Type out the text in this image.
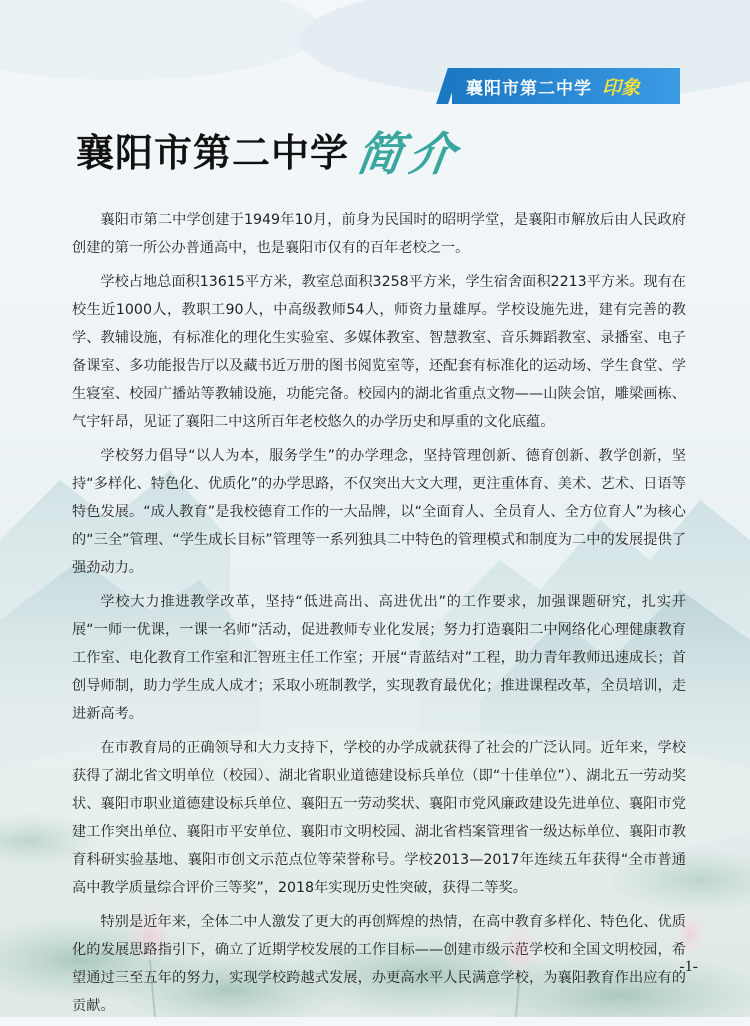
襄阳市第二中学 印象
襄阳市第二中学 简介

襄阳市第二中学创建于1949年10月，前身为民国时的昭明学堂，是襄阳市解放后由人民政府创建的第一所公办普通高中，也是襄阳市仅有的百年老校之一。

学校占地总面积13615平方米，教室总面积3258平方米，学生宿舍面积2213平方米。现有在校生近1000人，教职工90人，中高级教师54人，师资力量雄厚。学校设施先进，建有完善的教学、教辅设施，有标准化的理化生实验室、多媒体教室、智慧教室、音乐舞蹈教室、录播室、电子备课室、多功能报告厅以及藏书近万册的图书阅览室等，还配套有标准化的运动场、学生食堂、学生寝室、校园广播站等教辅设施，功能完备。校园内的湖北省重点文物——山陕会馆，雕梁画栋、气宇轩昂，见证了襄阳二中这所百年老校悠久的办学历史和厚重的文化底蕴。

学校努力倡导“以人为本，服务学生”的办学理念，坚持管理创新、德育创新、教学创新，坚持“多样化、特色化、优质化”的办学思路，不仅突出大文大理，更注重体育、美术、艺术、日语等特色发展。“成人教育”是我校德育工作的一大品牌，以“全面育人、全员育人、全方位育人”为核心的“三全”管理、“学生成长目标”管理等一系列独具二中特色的管理模式和制度为二中的发展提供了强劲动力。

学校大力推进教学改革，坚持“低进高出、高进优出”的工作要求，加强课题研究，扎实开展“一师一优课，一课一名师”活动，促进教师专业化发展；努力打造襄阳二中网络化心理健康教育工作室、电化教育工作室和汇智班主任工作室；开展“青蓝结对”工程，助力青年教师迅速成长；首创导师制，助力学生成人成才；采取小班制教学，实现教育最优化；推进课程改革，全员培训，走进新高考。

在市教育局的正确领导和大力支持下，学校的办学成就获得了社会的广泛认同。近年来，学校获得了湖北省文明单位（校园）、湖北省职业道德建设标兵单位（即“十佳单位”）、湖北五一劳动奖状、襄阳市职业道德建设标兵单位、襄阳五一劳动奖状、襄阳市党风廉政建设先进单位、襄阳市党建工作突出单位、襄阳市平安单位、襄阳市文明校园、湖北省档案管理省一级达标单位、襄阳市教育科研实验基地、襄阳市创文示范点位等荣誉称号。学校2013—2017年连续五年获得“全市普通高中教学质量综合评价三等奖”，2018年实现历史性突破，获得二等奖。

特别是近年来，全体二中人激发了更大的再创辉煌的热情，在高中教育多样化、特色化、优质化的发展思路指引下，确立了近期学校发展的工作目标——创建市级示范学校和全国文明校园，希望通过三至五年的努力，实现学校跨越式发展，办更高水平人民满意学校，为襄阳教育作出应有的贡献。

-1-
